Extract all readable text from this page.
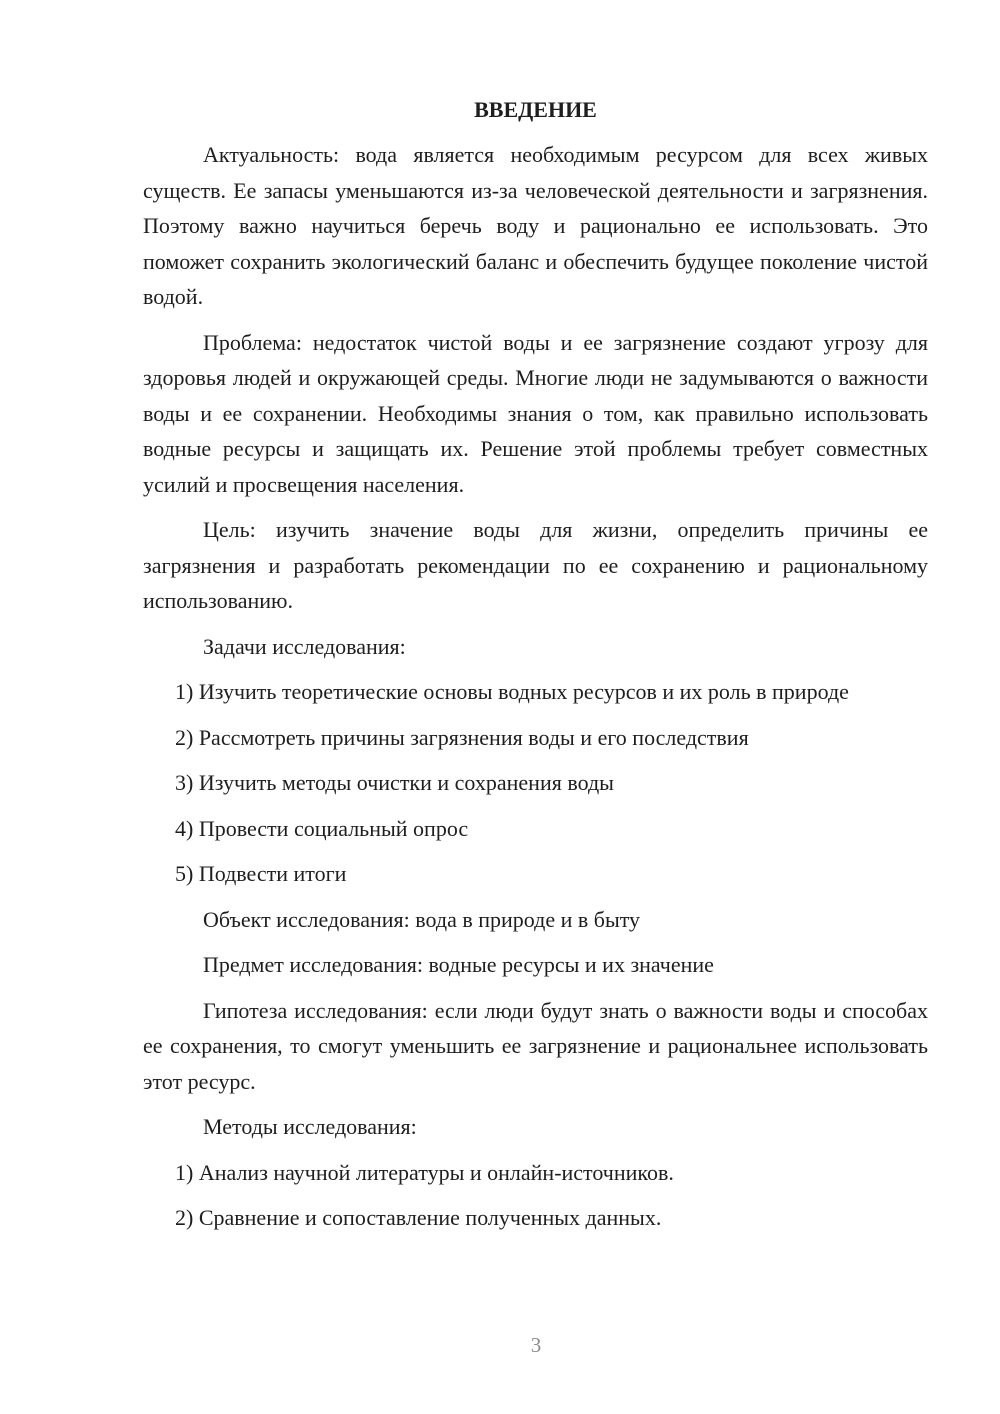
ВВЕДЕНИЕ

Актуальность: вода является необходимым ресурсом для всех живых существ. Ее запасы уменьшаются из-за человеческой деятельности и загрязнения. Поэтому важно научиться беречь воду и рационально ее использовать. Это поможет сохранить экологический баланс и обеспечить будущее поколение чистой водой.

Проблема: недостаток чистой воды и ее загрязнение создают угрозу для здоровья людей и окружающей среды. Многие люди не задумываются о важности воды и ее сохранении. Необходимы знания о том, как правильно использовать водные ресурсы и защищать их. Решение этой проблемы требует совместных усилий и просвещения населения.

Цель: изучить значение воды для жизни, определить причины ее загрязнения и разработать рекомендации по ее сохранению и рациональному использованию.

Задачи исследования:

1) Изучить теоретические основы водных ресурсов и их роль в природе

2) Рассмотреть причины загрязнения воды и его последствия

3) Изучить методы очистки и сохранения воды

4) Провести социальный опрос

5) Подвести итоги

Объект исследования: вода в природе и в быту

Предмет исследования: водные ресурсы и их значение

Гипотеза исследования: если люди будут знать о важности воды и способах ее сохранения, то смогут уменьшить ее загрязнение и рациональнее использовать этот ресурс.

Методы исследования:

1) Анализ научной литературы и онлайн-источников.

2) Сравнение и сопоставление полученных данных.

3
